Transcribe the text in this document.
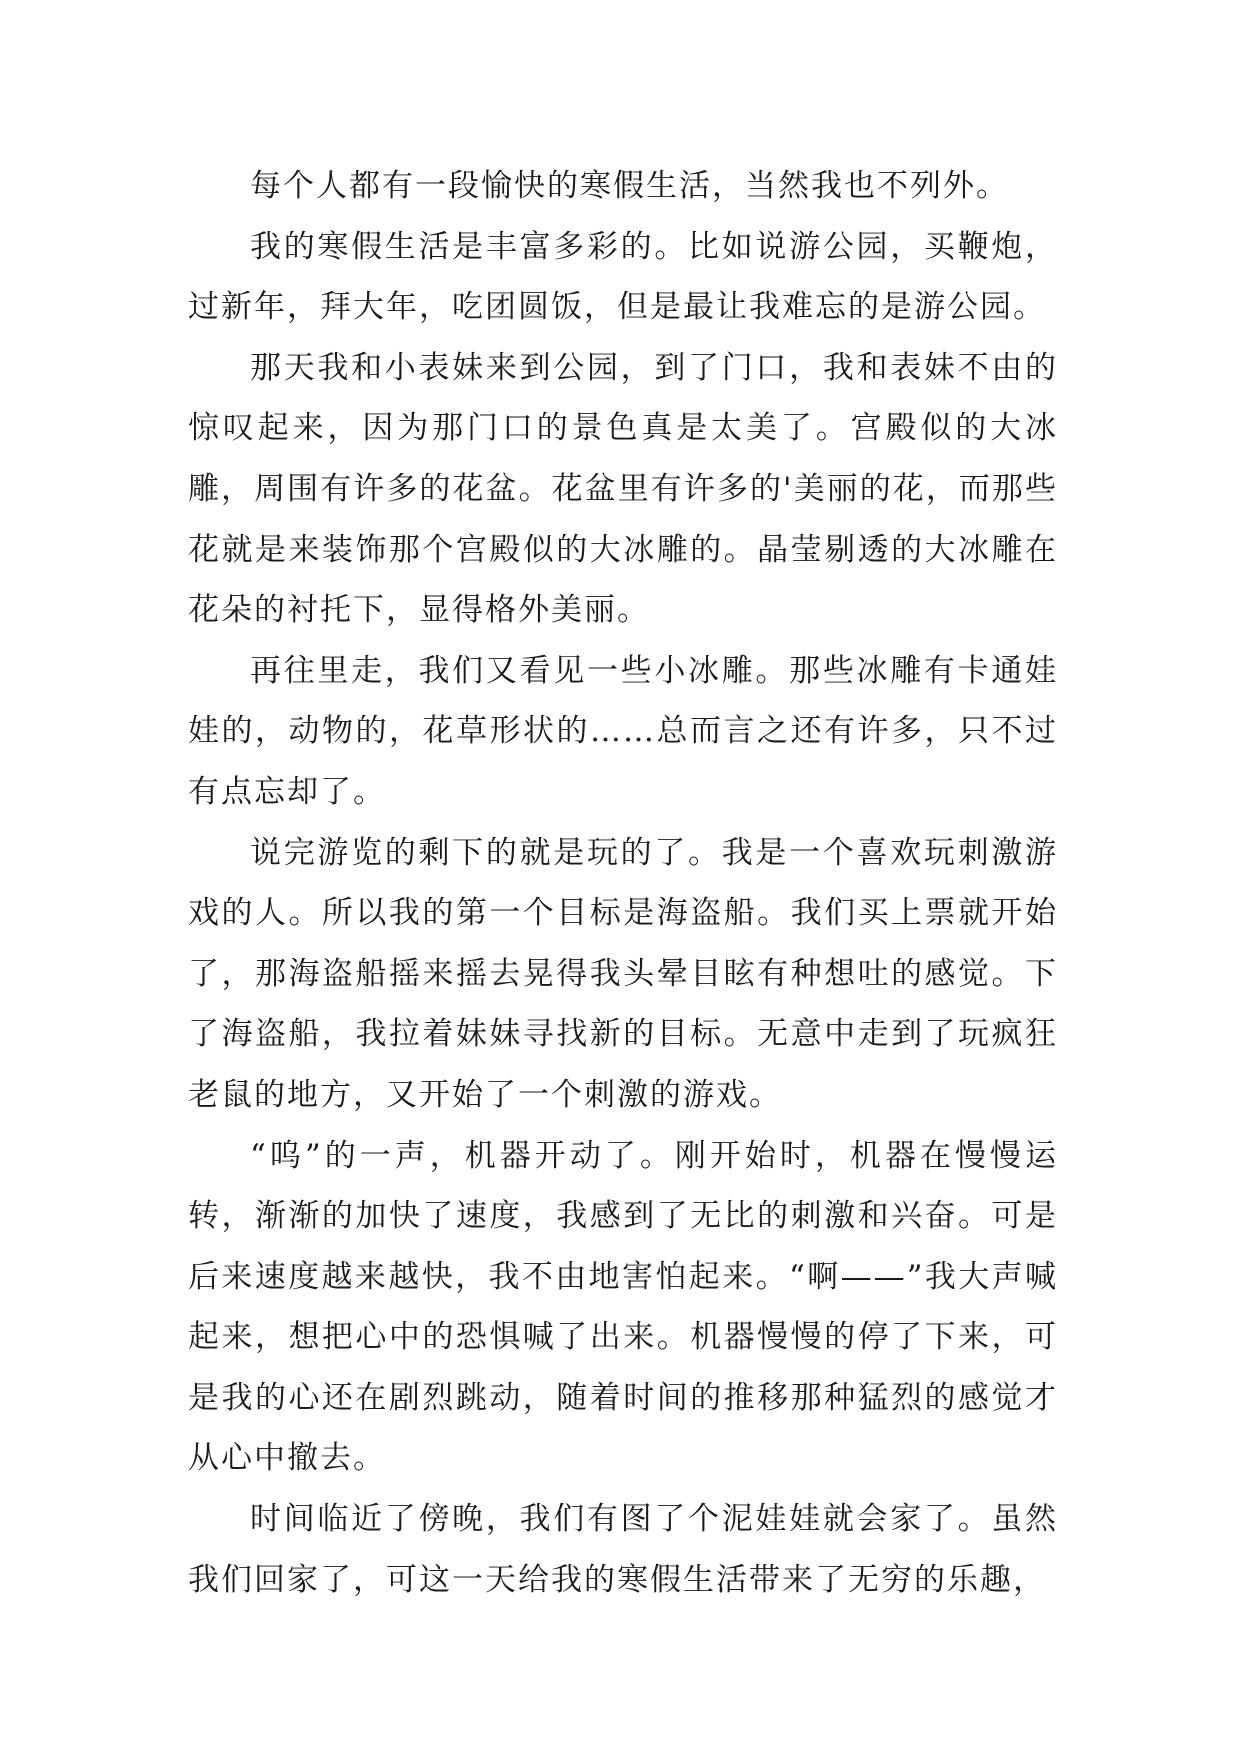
每个人都有一段愉快的寒假生活，当然我也不列外。

我的寒假生活是丰富多彩的。比如说游公园，买鞭炮，过新年，拜大年，吃团圆饭，但是最让我难忘的是游公园。

那天我和小表妹来到公园，到了门口，我和表妹不由的惊叹起来，因为那门口的景色真是太美了。宫殿似的大冰雕，周围有许多的花盆。花盆里有许多的'美丽的花，而那些花就是来装饰那个宫殿似的大冰雕的。晶莹剔透的大冰雕在花朵的衬托下，显得格外美丽。

再往里走，我们又看见一些小冰雕。那些冰雕有卡通娃娃的，动物的，花草形状的……总而言之还有许多，只不过有点忘却了。

说完游览的剩下的就是玩的了。我是一个喜欢玩刺激游戏的人。所以我的第一个目标是海盗船。我们买上票就开始了，那海盗船摇来摇去晃得我头晕目眩有种想吐的感觉。下了海盗船，我拉着妹妹寻找新的目标。无意中走到了玩疯狂老鼠的地方，又开始了一个刺激的游戏。

“呜”的一声，机器开动了。刚开始时，机器在慢慢运转，渐渐的加快了速度，我感到了无比的刺激和兴奋。可是后来速度越来越快，我不由地害怕起来。“啊——”我大声喊起来，想把心中的恐惧喊了出来。机器慢慢的停了下来，可是我的心还在剧烈跳动，随着时间的推移那种猛烈的感觉才从心中撤去。

时间临近了傍晚，我们有图了个泥娃娃就会家了。虽然我们回家了，可这一天给我的寒假生活带来了无穷的乐趣，
